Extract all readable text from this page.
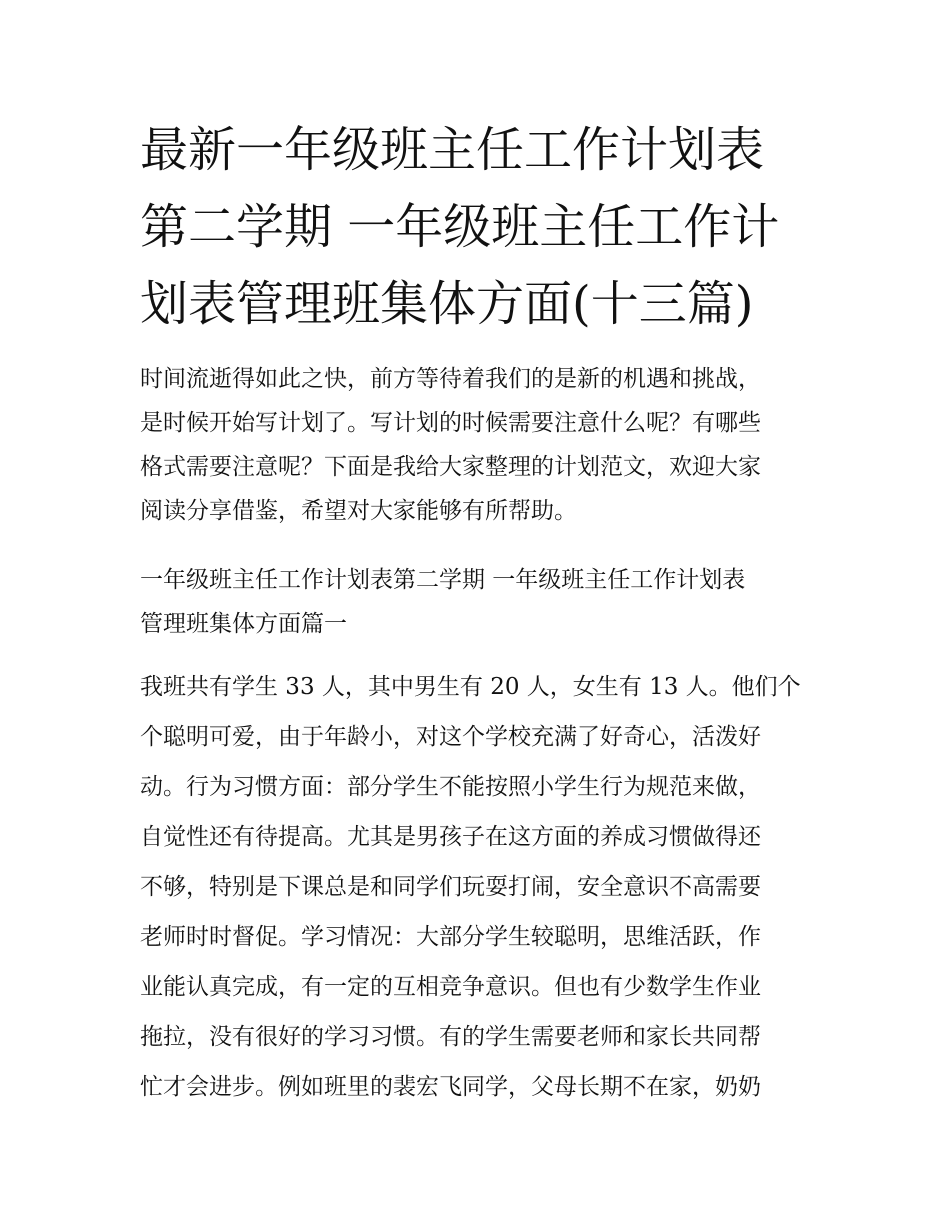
最新一年级班主任工作计划表
第二学期 一年级班主任工作计
划表管理班集体方面(十三篇)

时间流逝得如此之快，前方等待着我们的是新的机遇和挑战，
是时候开始写计划了。写计划的时候需要注意什么呢？有哪些
格式需要注意呢？下面是我给大家整理的计划范文，欢迎大家
阅读分享借鉴，希望对大家能够有所帮助。

一年级班主任工作计划表第二学期 一年级班主任工作计划表
管理班集体方面篇一

我班共有学生 33 人，其中男生有 20 人，女生有 13 人。他们个
个聪明可爱，由于年龄小，对这个学校充满了好奇心，活泼好
动。行为习惯方面：部分学生不能按照小学生行为规范来做，
自觉性还有待提高。尤其是男孩子在这方面的养成习惯做得还
不够，特别是下课总是和同学们玩耍打闹，安全意识不高需要
老师时时督促。学习情况：大部分学生较聪明，思维活跃，作
业能认真完成，有一定的互相竞争意识。但也有少数学生作业
拖拉，没有很好的学习习惯。有的学生需要老师和家长共同帮
忙才会进步。例如班里的裴宏飞同学，父母长期不在家，奶奶
